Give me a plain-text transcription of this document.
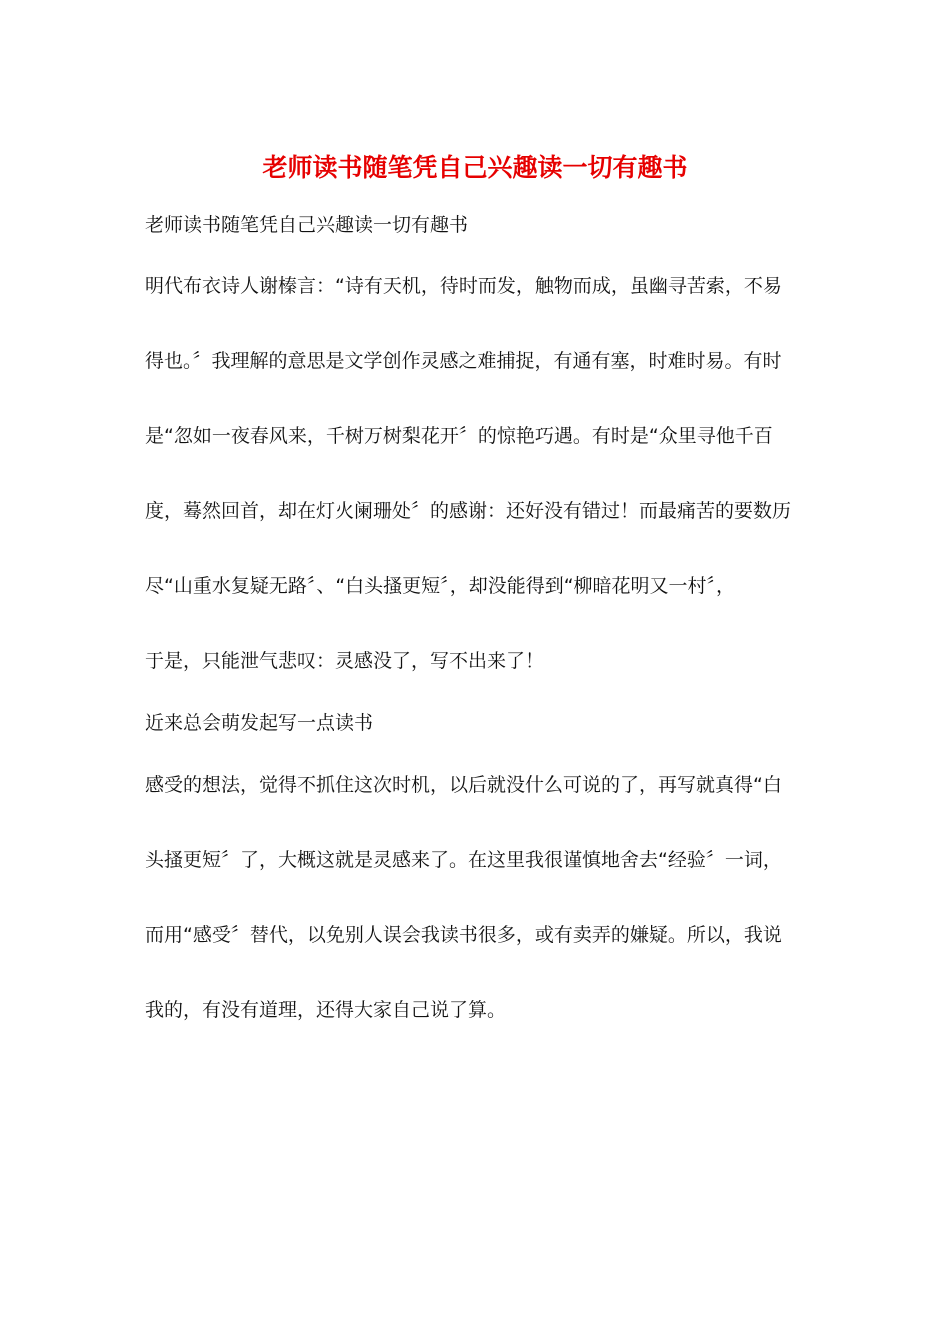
老师读书随笔凭自己兴趣读一切有趣书
老师读书随笔凭自己兴趣读一切有趣书
明代布衣诗人谢榛言：“诗有天机，待时而发，触物而成，虽幽寻苦索，不易
得也。〞我理解的意思是文学创作灵感之难捕捉，有通有塞，时难时易。有时
是“忽如一夜春风来，千树万树梨花开〞的惊艳巧遇。有时是“众里寻他千百
度，蓦然回首，却在灯火阑珊处〞的感谢：还好没有错过！而最痛苦的要数历
尽“山重水复疑无路〞、“白头搔更短〞，却没能得到“柳暗花明又一村〞，
于是，只能泄气悲叹：灵感没了，写不出来了！
近来总会萌发起写一点读书
感受的想法，觉得不抓住这次时机，以后就没什么可说的了，再写就真得“白
头搔更短〞了，大概这就是灵感来了。在这里我很谨慎地舍去“经验〞一词，
而用“感受〞替代，以免别人误会我读书很多，或有卖弄的嫌疑。所以，我说
我的，有没有道理，还得大家自己说了算。
